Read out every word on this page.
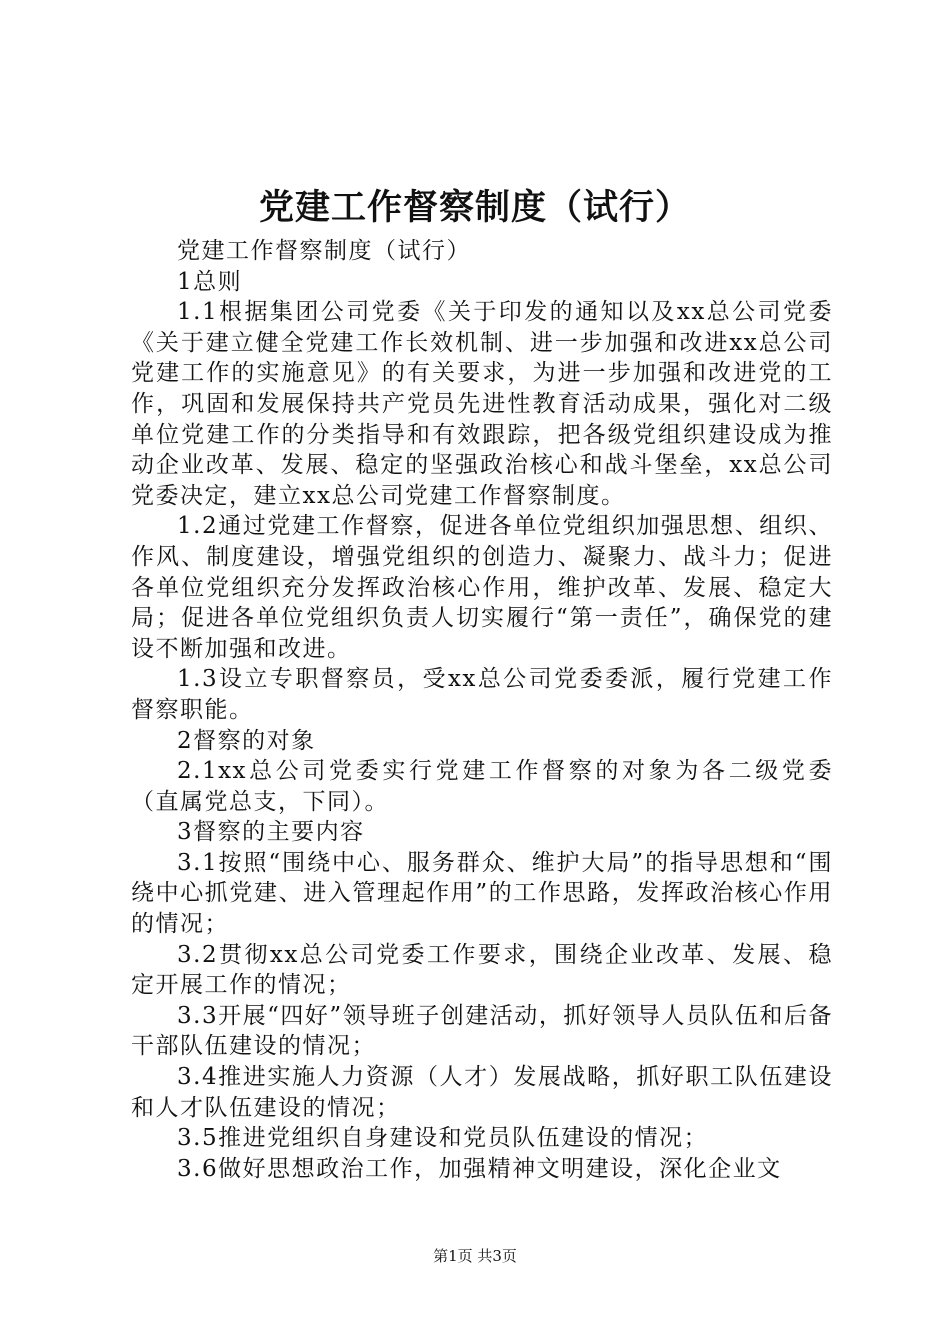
党建工作督察制度（试行）

党建工作督察制度（试行）

1总则

1.1根据集团公司党委《关于印发的通知以及xx总公司党委《关于建立健全党建工作长效机制、进一步加强和改进xx总公司党建工作的实施意见》的有关要求，为进一步加强和改进党的工作，巩固和发展保持共产党员先进性教育活动成果，强化对二级单位党建工作的分类指导和有效跟踪，把各级党组织建设成为推动企业改革、发展、稳定的坚强政治核心和战斗堡垒，xx总公司党委决定，建立xx总公司党建工作督察制度。

1.2通过党建工作督察，促进各单位党组织加强思想、组织、作风、制度建设，增强党组织的创造力、凝聚力、战斗力；促进各单位党组织充分发挥政治核心作用，维护改革、发展、稳定大局；促进各单位党组织负责人切实履行“第一责任”，确保党的建设不断加强和改进。

1.3设立专职督察员，受xx总公司党委委派，履行党建工作督察职能。

2督察的对象

2.1xx总公司党委实行党建工作督察的对象为各二级党委（直属党总支，下同）。

3督察的主要内容

3.1按照“围绕中心、服务群众、维护大局”的指导思想和“围绕中心抓党建、进入管理起作用”的工作思路，发挥政治核心作用的情况；

3.2贯彻xx总公司党委工作要求，围绕企业改革、发展、稳定开展工作的情况；

3.3开展“四好”领导班子创建活动，抓好领导人员队伍和后备干部队伍建设的情况；

3.4推进实施人力资源（人才）发展战略，抓好职工队伍建设和人才队伍建设的情况；

3.5推进党组织自身建设和党员队伍建设的情况；

3.6做好思想政治工作，加强精神文明建设，深化企业文

第1页 共3页
